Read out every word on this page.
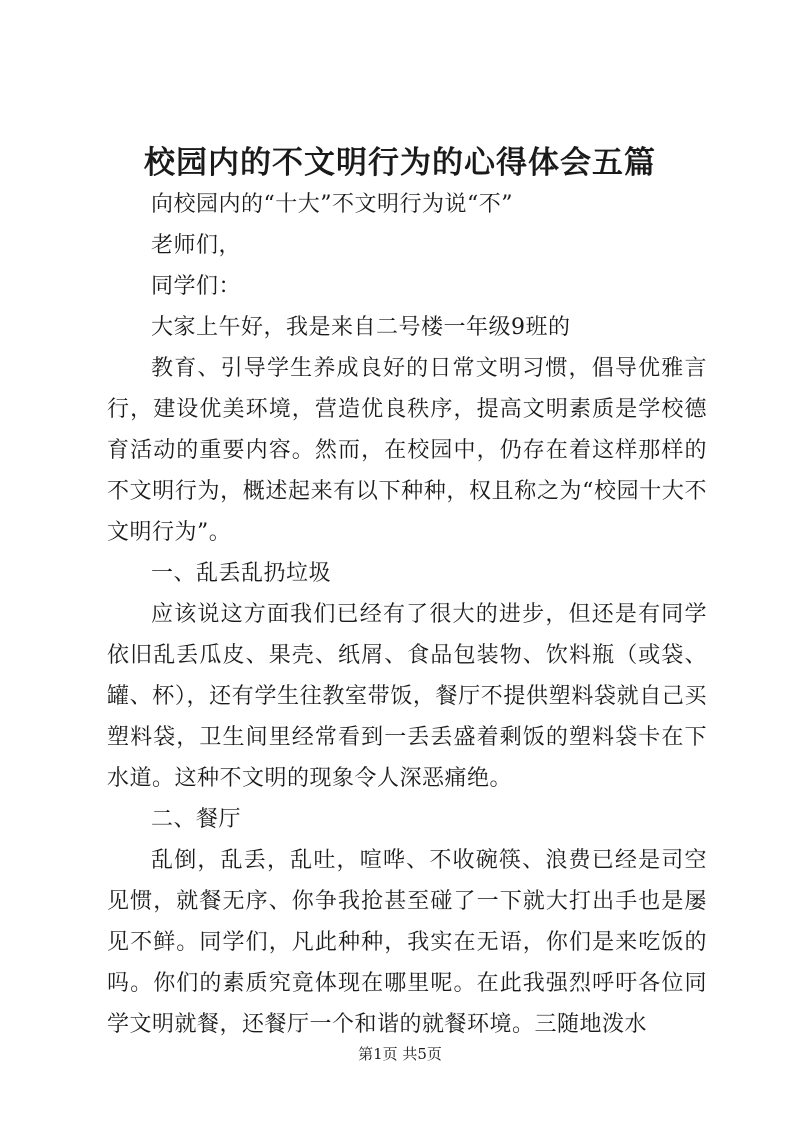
校园内的不文明行为的心得体会五篇

向校园内的“十大”不文明行为说“不”

老师们，

同学们：

大家上午好，我是来自二号楼一年级9班的

教育、引导学生养成良好的日常文明习惯，倡导优雅言行，建设优美环境，营造优良秩序，提高文明素质是学校德育活动的重要内容。然而，在校园中，仍存在着这样那样的不文明行为，概述起来有以下种种，权且称之为“校园十大不文明行为”。

一、乱丢乱扔垃圾

应该说这方面我们已经有了很大的进步，但还是有同学依旧乱丢瓜皮、果壳、纸屑、食品包装物、饮料瓶（或袋、罐、杯），还有学生往教室带饭，餐厅不提供塑料袋就自己买塑料袋，卫生间里经常看到一丢丢盛着剩饭的塑料袋卡在下水道。这种不文明的现象令人深恶痛绝。

二、餐厅

乱倒，乱丢，乱吐，喧哗、不收碗筷、浪费已经是司空见惯，就餐无序、你争我抢甚至碰了一下就大打出手也是屡见不鲜。同学们，凡此种种，我实在无语，你们是来吃饭的吗。你们的素质究竟体现在哪里呢。在此我强烈呼吁各位同学文明就餐，还餐厅一个和谐的就餐环境。三随地泼水

第1页 共5页
